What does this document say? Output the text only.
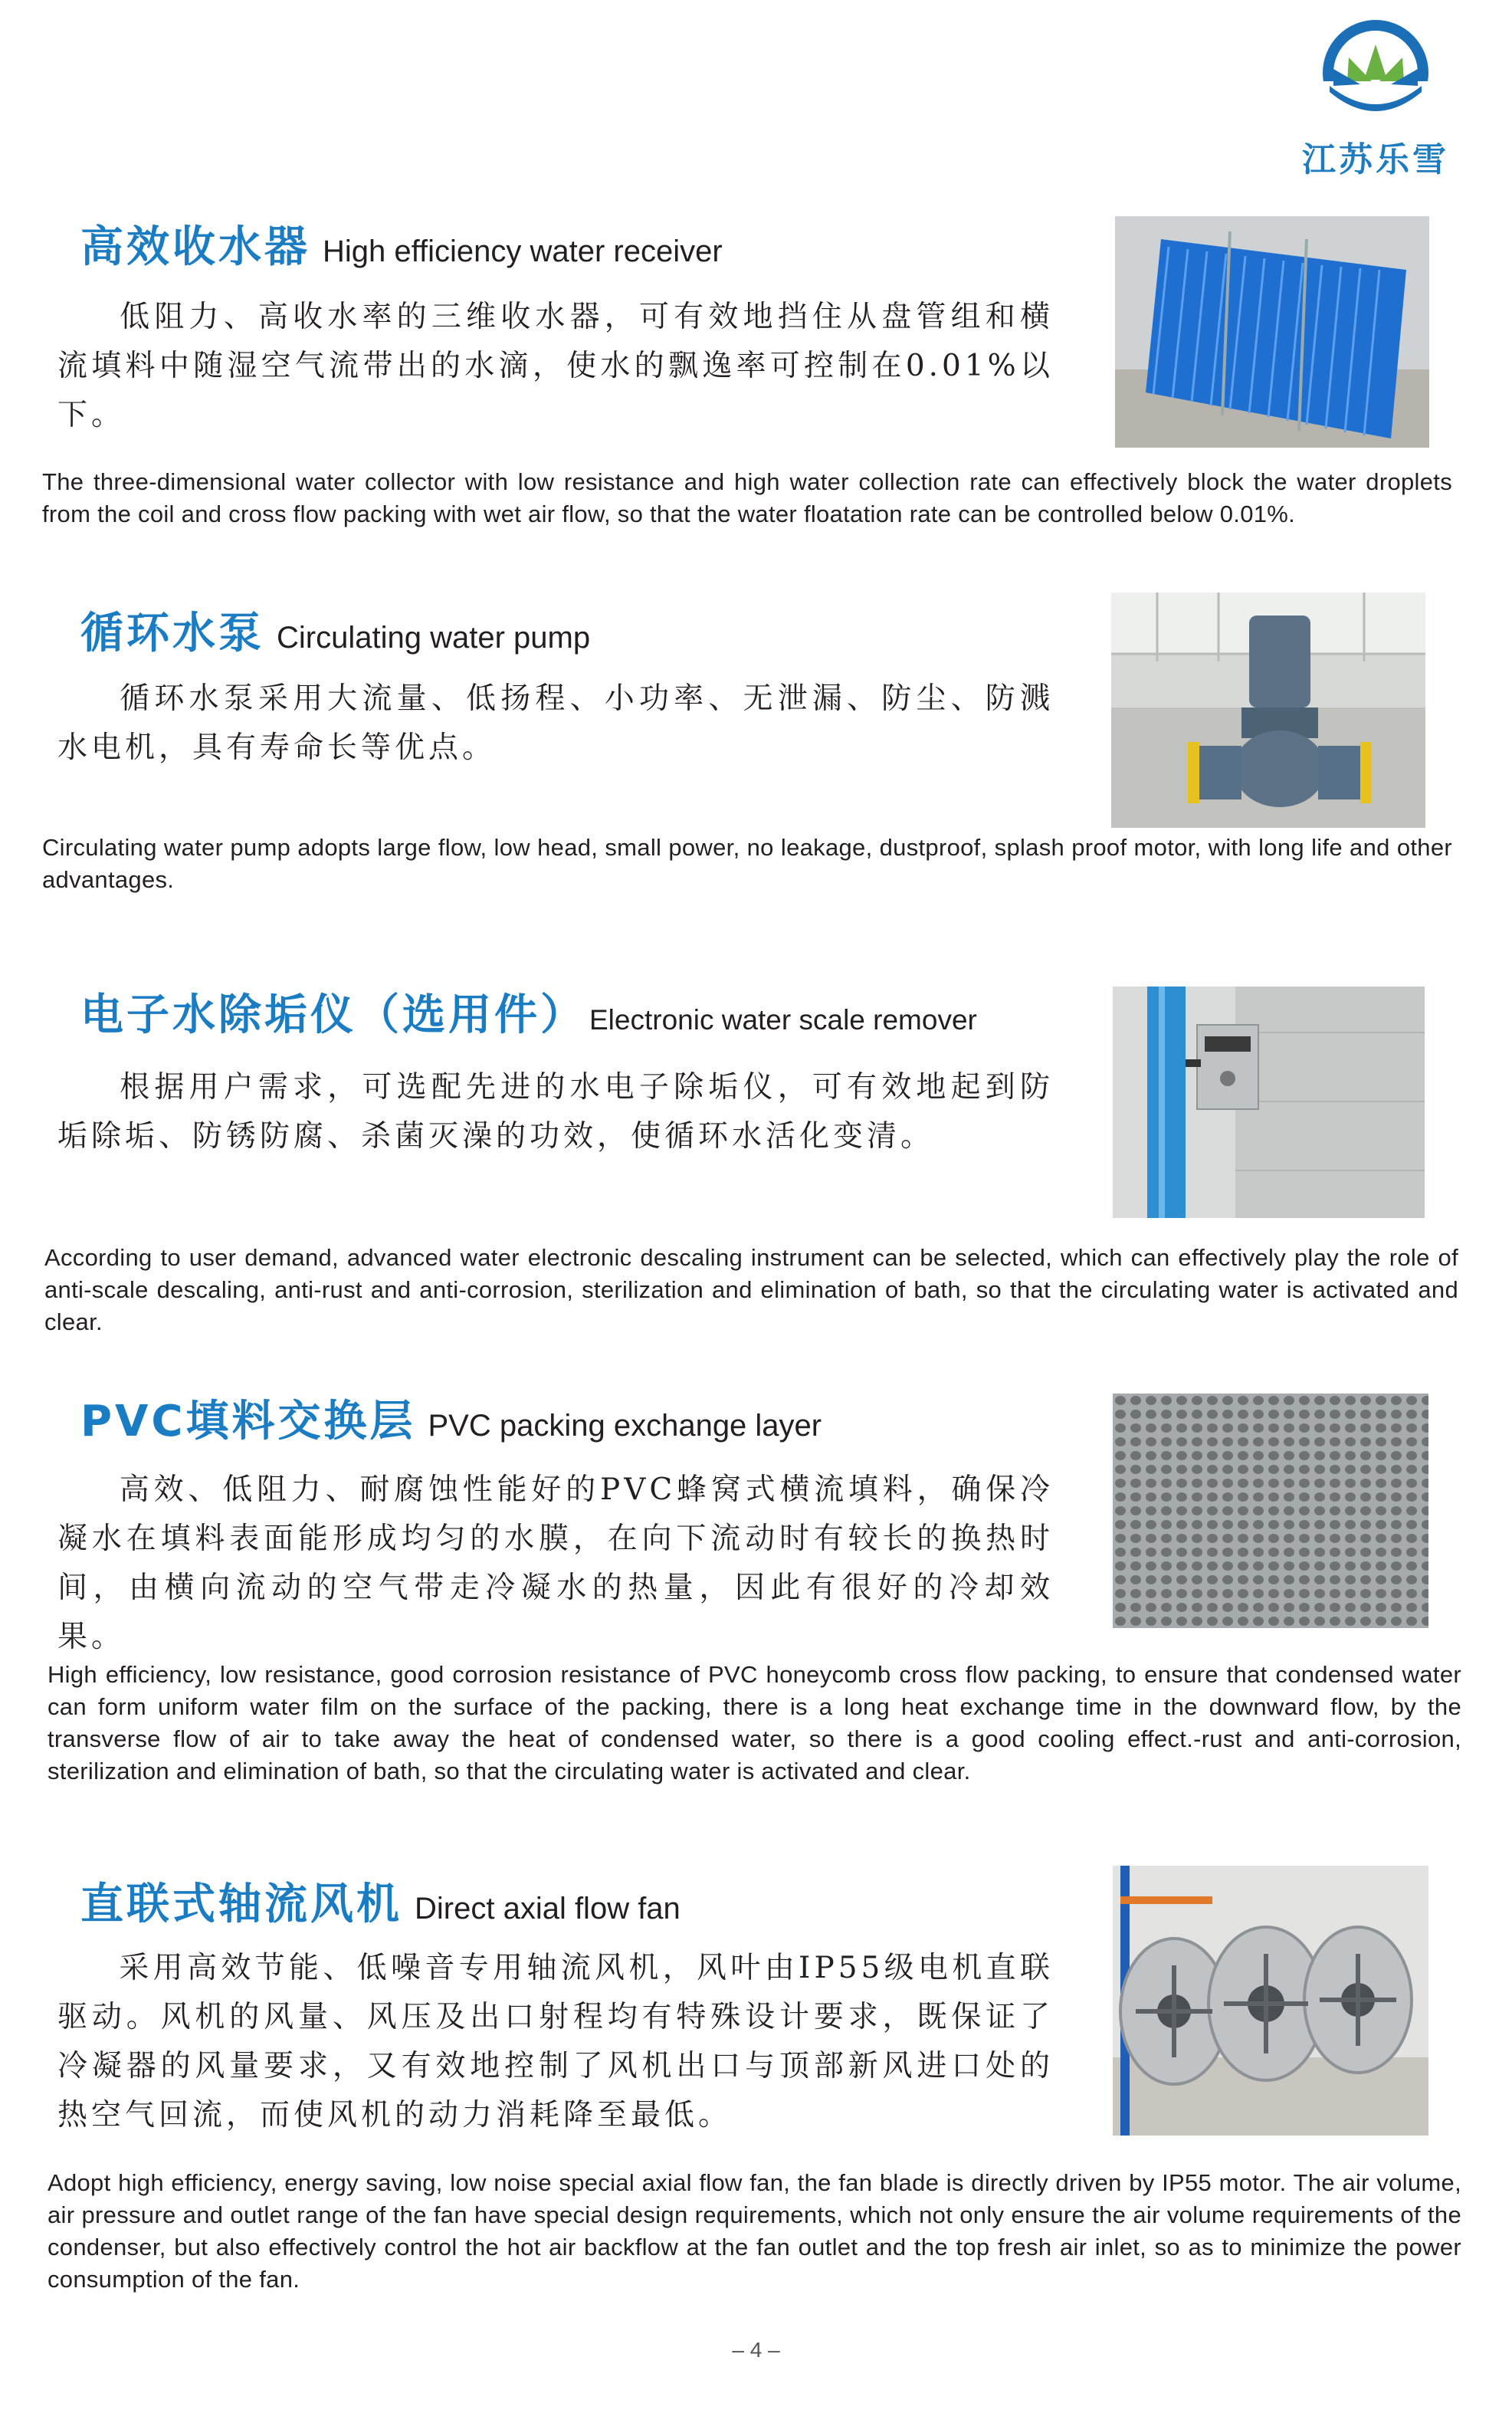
江苏乐雪
高效收水器 High efficiency water receiver
低阻力、高收水率的三维收水器，可有效地挡住从盘管组和横流填料中随湿空气流带出的水滴，使水的飘逸率可控制在0.01%以下。
The three-dimensional water collector with low resistance and high water collection rate can effectively block the water droplets from the coil and cross flow packing with wet air flow, so that the water floatation rate can be controlled below 0.01%.
循环水泵 Circulating water pump
循环水泵采用大流量、低扬程、小功率、无泄漏、防尘、防溅水电机，具有寿命长等优点。
Circulating water pump adopts large flow, low head, small power, no leakage, dustproof, splash proof motor, with long life and other advantages.
电子水除垢仪（选用件） Electronic water scale remover
根据用户需求，可选配先进的水电子除垢仪，可有效地起到防垢除垢、防锈防腐、杀菌灭澡的功效，使循环水活化变清。
According to user demand, advanced water electronic descaling instrument can be selected, which can effectively play the role of anti-scale descaling, anti-rust and anti-corrosion, sterilization and elimination of bath, so that the circulating water is activated and clear.
PVC填料交换层 PVC packing exchange layer
高效、低阻力、耐腐蚀性能好的PVC蜂窝式横流填料，确保冷凝水在填料表面能形成均匀的水膜，在向下流动时有较长的换热时间，由横向流动的空气带走冷凝水的热量，因此有很好的冷却效果。
High efficiency, low resistance, good corrosion resistance of PVC honeycomb cross flow packing, to ensure that condensed water can form uniform water film on the surface of the packing, there is a long heat exchange time in the downward flow, by the transverse flow of air to take away the heat of condensed water, so there is a good cooling effect.-rust and anti-corrosion, sterilization and elimination of bath, so that the circulating water is activated and clear.
直联式轴流风机 Direct axial flow fan
采用高效节能、低噪音专用轴流风机，风叶由IP55级电机直联驱动。风机的风量、风压及出口射程均有特殊设计要求，既保证了冷凝器的风量要求，又有效地控制了风机出口与顶部新风进口处的热空气回流，而使风机的动力消耗降至最低。
Adopt high efficiency, energy saving, low noise special axial flow fan, the fan blade is directly driven by IP55 motor. The air volume, air pressure and outlet range of the fan have special design requirements, which not only ensure the air volume requirements of the condenser, but also effectively control the hot air backflow at the fan outlet and the top fresh air inlet, so as to minimize the power consumption of the fan.
– 4 –
